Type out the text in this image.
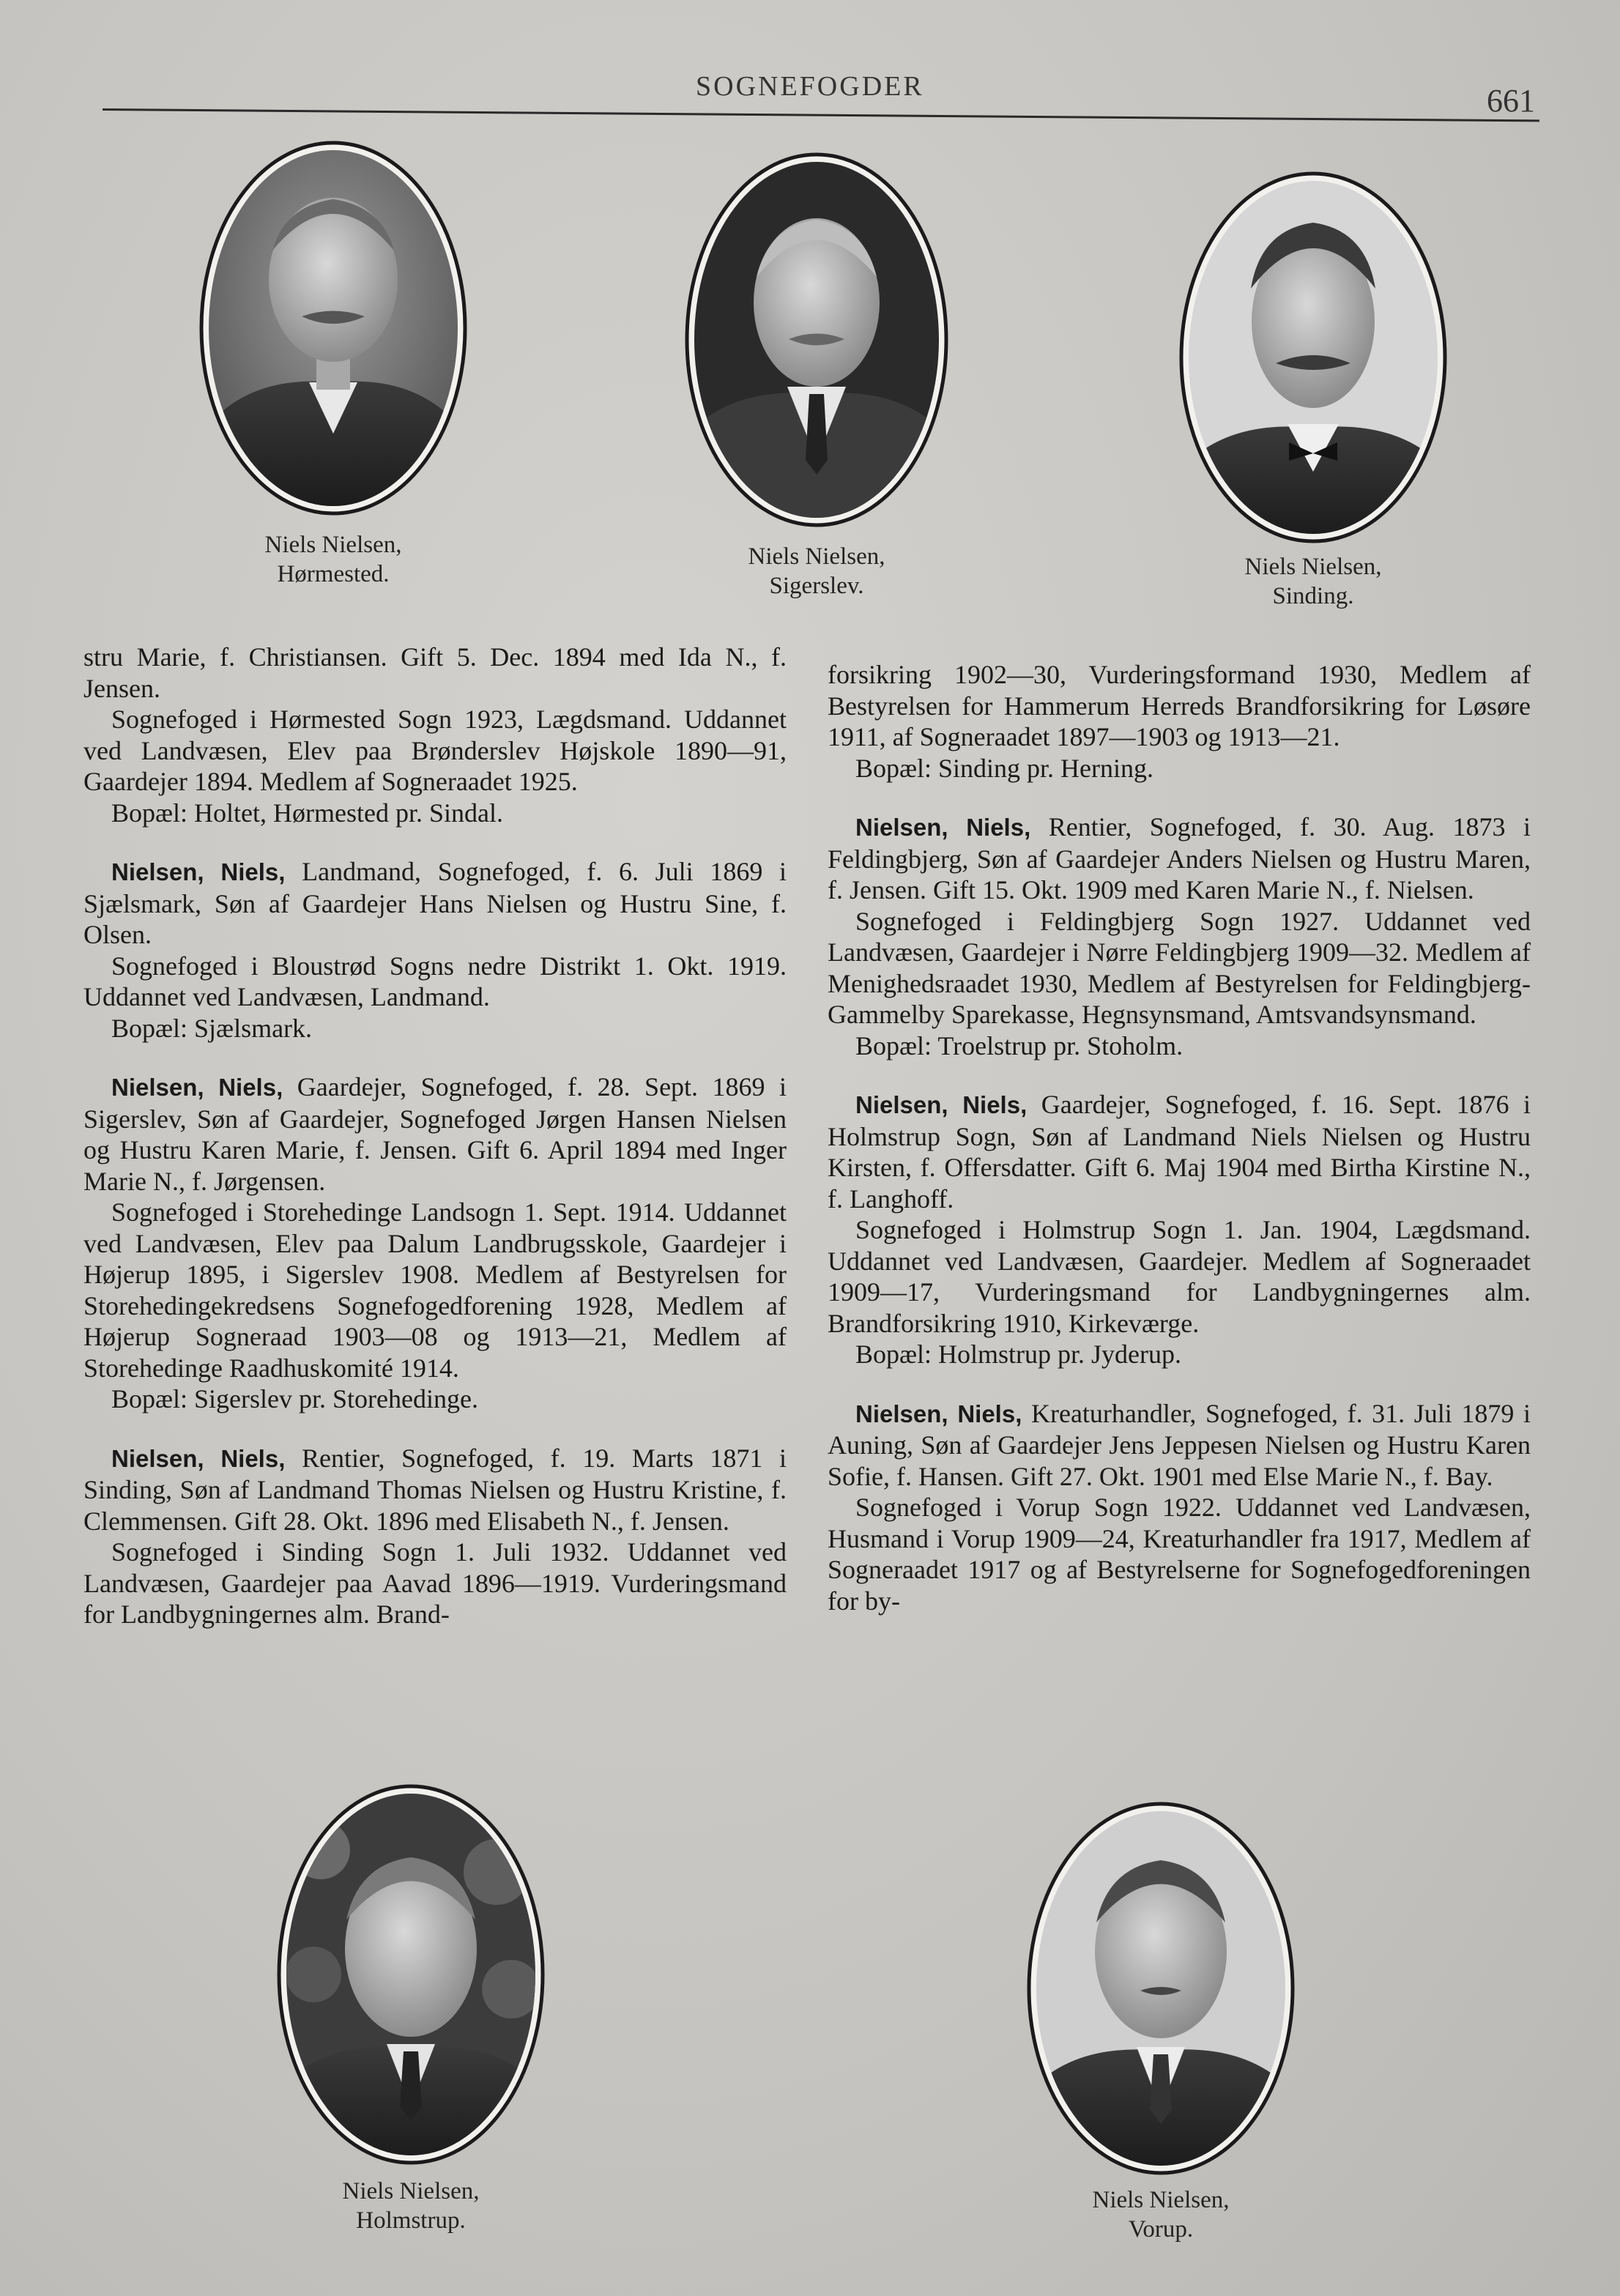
SOGNEFOGDER	661
Niels Nielsen,
Hørmested.
Niels Nielsen,
Sigerslev.
Niels Nielsen,
Sinding.

stru Marie, f. Christiansen. Gift 5. Dec. 1894 med Ida N., f. Jensen.

Sognefoged i Hørmested Sogn 1923, Lægdsmand. Uddannet ved Landvæsen, Elev paa Brønderslev Højskole 1890—91, Gaardejer 1894. Medlem af Sogneraadet 1925.

Bopæl: Holtet, Hørmested pr. Sindal.

Nielsen, Niels, Landmand, Sognefoged, f. 6. Juli 1869 i Sjælsmark, Søn af Gaardejer Hans Nielsen og Hustru Sine, f. Olsen.

Sognefoged i Bloustrød Sogns nedre Distrikt 1. Okt. 1919. Uddannet ved Landvæsen, Landmand.

Bopæl: Sjælsmark.

Nielsen, Niels, Gaardejer, Sognefoged, f. 28. Sept. 1869 i Sigerslev, Søn af Gaardejer, Sognefoged Jørgen Hansen Nielsen og Hustru Karen Marie, f. Jensen. Gift 6. April 1894 med Inger Marie N., f. Jørgensen.

Sognefoged i Storehedinge Landsogn 1. Sept. 1914. Uddannet ved Landvæsen, Elev paa Dalum Landbrugsskole, Gaardejer i Højerup 1895, i Sigerslev 1908. Medlem af Bestyrelsen for Storehedingekredsens Sognefogedforening 1928, Medlem af Højerup Sogneraad 1903—08 og 1913—21, Medlem af Storehedinge Raadhuskomité 1914.

Bopæl: Sigerslev pr. Storehedinge.

Nielsen, Niels, Rentier, Sognefoged, f. 19. Marts 1871 i Sinding, Søn af Landmand Thomas Nielsen og Hustru Kristine, f. Clemmensen. Gift 28. Okt. 1896 med Elisabeth N., f. Jensen.

Sognefoged i Sinding Sogn 1. Juli 1932. Uddannet ved Landvæsen, Gaardejer paa Aavad 1896—1919. Vurderingsmand for Landbygningernes alm. Brand-

forsikring 1902—30, Vurderingsformand 1930, Medlem af Bestyrelsen for Hammerum Herreds Brandforsikring for Løsøre 1911, af Sogneraadet 1897—1903 og 1913—21.

Bopæl: Sinding pr. Herning.

Nielsen, Niels, Rentier, Sognefoged, f. 30. Aug. 1873 i Feldingbjerg, Søn af Gaardejer Anders Nielsen og Hustru Maren, f. Jensen. Gift 15. Okt. 1909 med Karen Marie N., f. Nielsen.

Sognefoged i Feldingbjerg Sogn 1927. Uddannet ved Landvæsen, Gaardejer i Nørre Feldingbjerg 1909—32. Medlem af Menighedsraadet 1930, Medlem af Bestyrelsen for Feldingbjerg-Gammelby Sparekasse, Hegnsynsmand, Amtsvandsynsmand.

Bopæl: Troelstrup pr. Stoholm.

Nielsen, Niels, Gaardejer, Sognefoged, f. 16. Sept. 1876 i Holmstrup Sogn, Søn af Landmand Niels Nielsen og Hustru Kirsten, f. Offersdatter. Gift 6. Maj 1904 med Birtha Kirstine N., f. Langhoff.

Sognefoged i Holmstrup Sogn 1. Jan. 1904, Lægdsmand. Uddannet ved Landvæsen, Gaardejer. Medlem af Sogneraadet 1909—17, Vurderingsmand for Landbygningernes alm. Brandforsikring 1910, Kirkeværge.

Bopæl: Holmstrup pr. Jyderup.

Nielsen, Niels, Kreaturhandler, Sognefoged, f. 31. Juli 1879 i Auning, Søn af Gaardejer Jens Jeppesen Nielsen og Hustru Karen Sofie, f. Hansen. Gift 27. Okt. 1901 med Else Marie N., f. Bay.

Sognefoged i Vorup Sogn 1922. Uddannet ved Landvæsen, Husmand i Vorup 1909—24, Kreaturhandler fra 1917, Medlem af Sogneraadet 1917 og af Bestyrelserne for Sognefogedforeningen for by-

Niels Nielsen,
Holmstrup.
Niels Nielsen,
Vorup.
